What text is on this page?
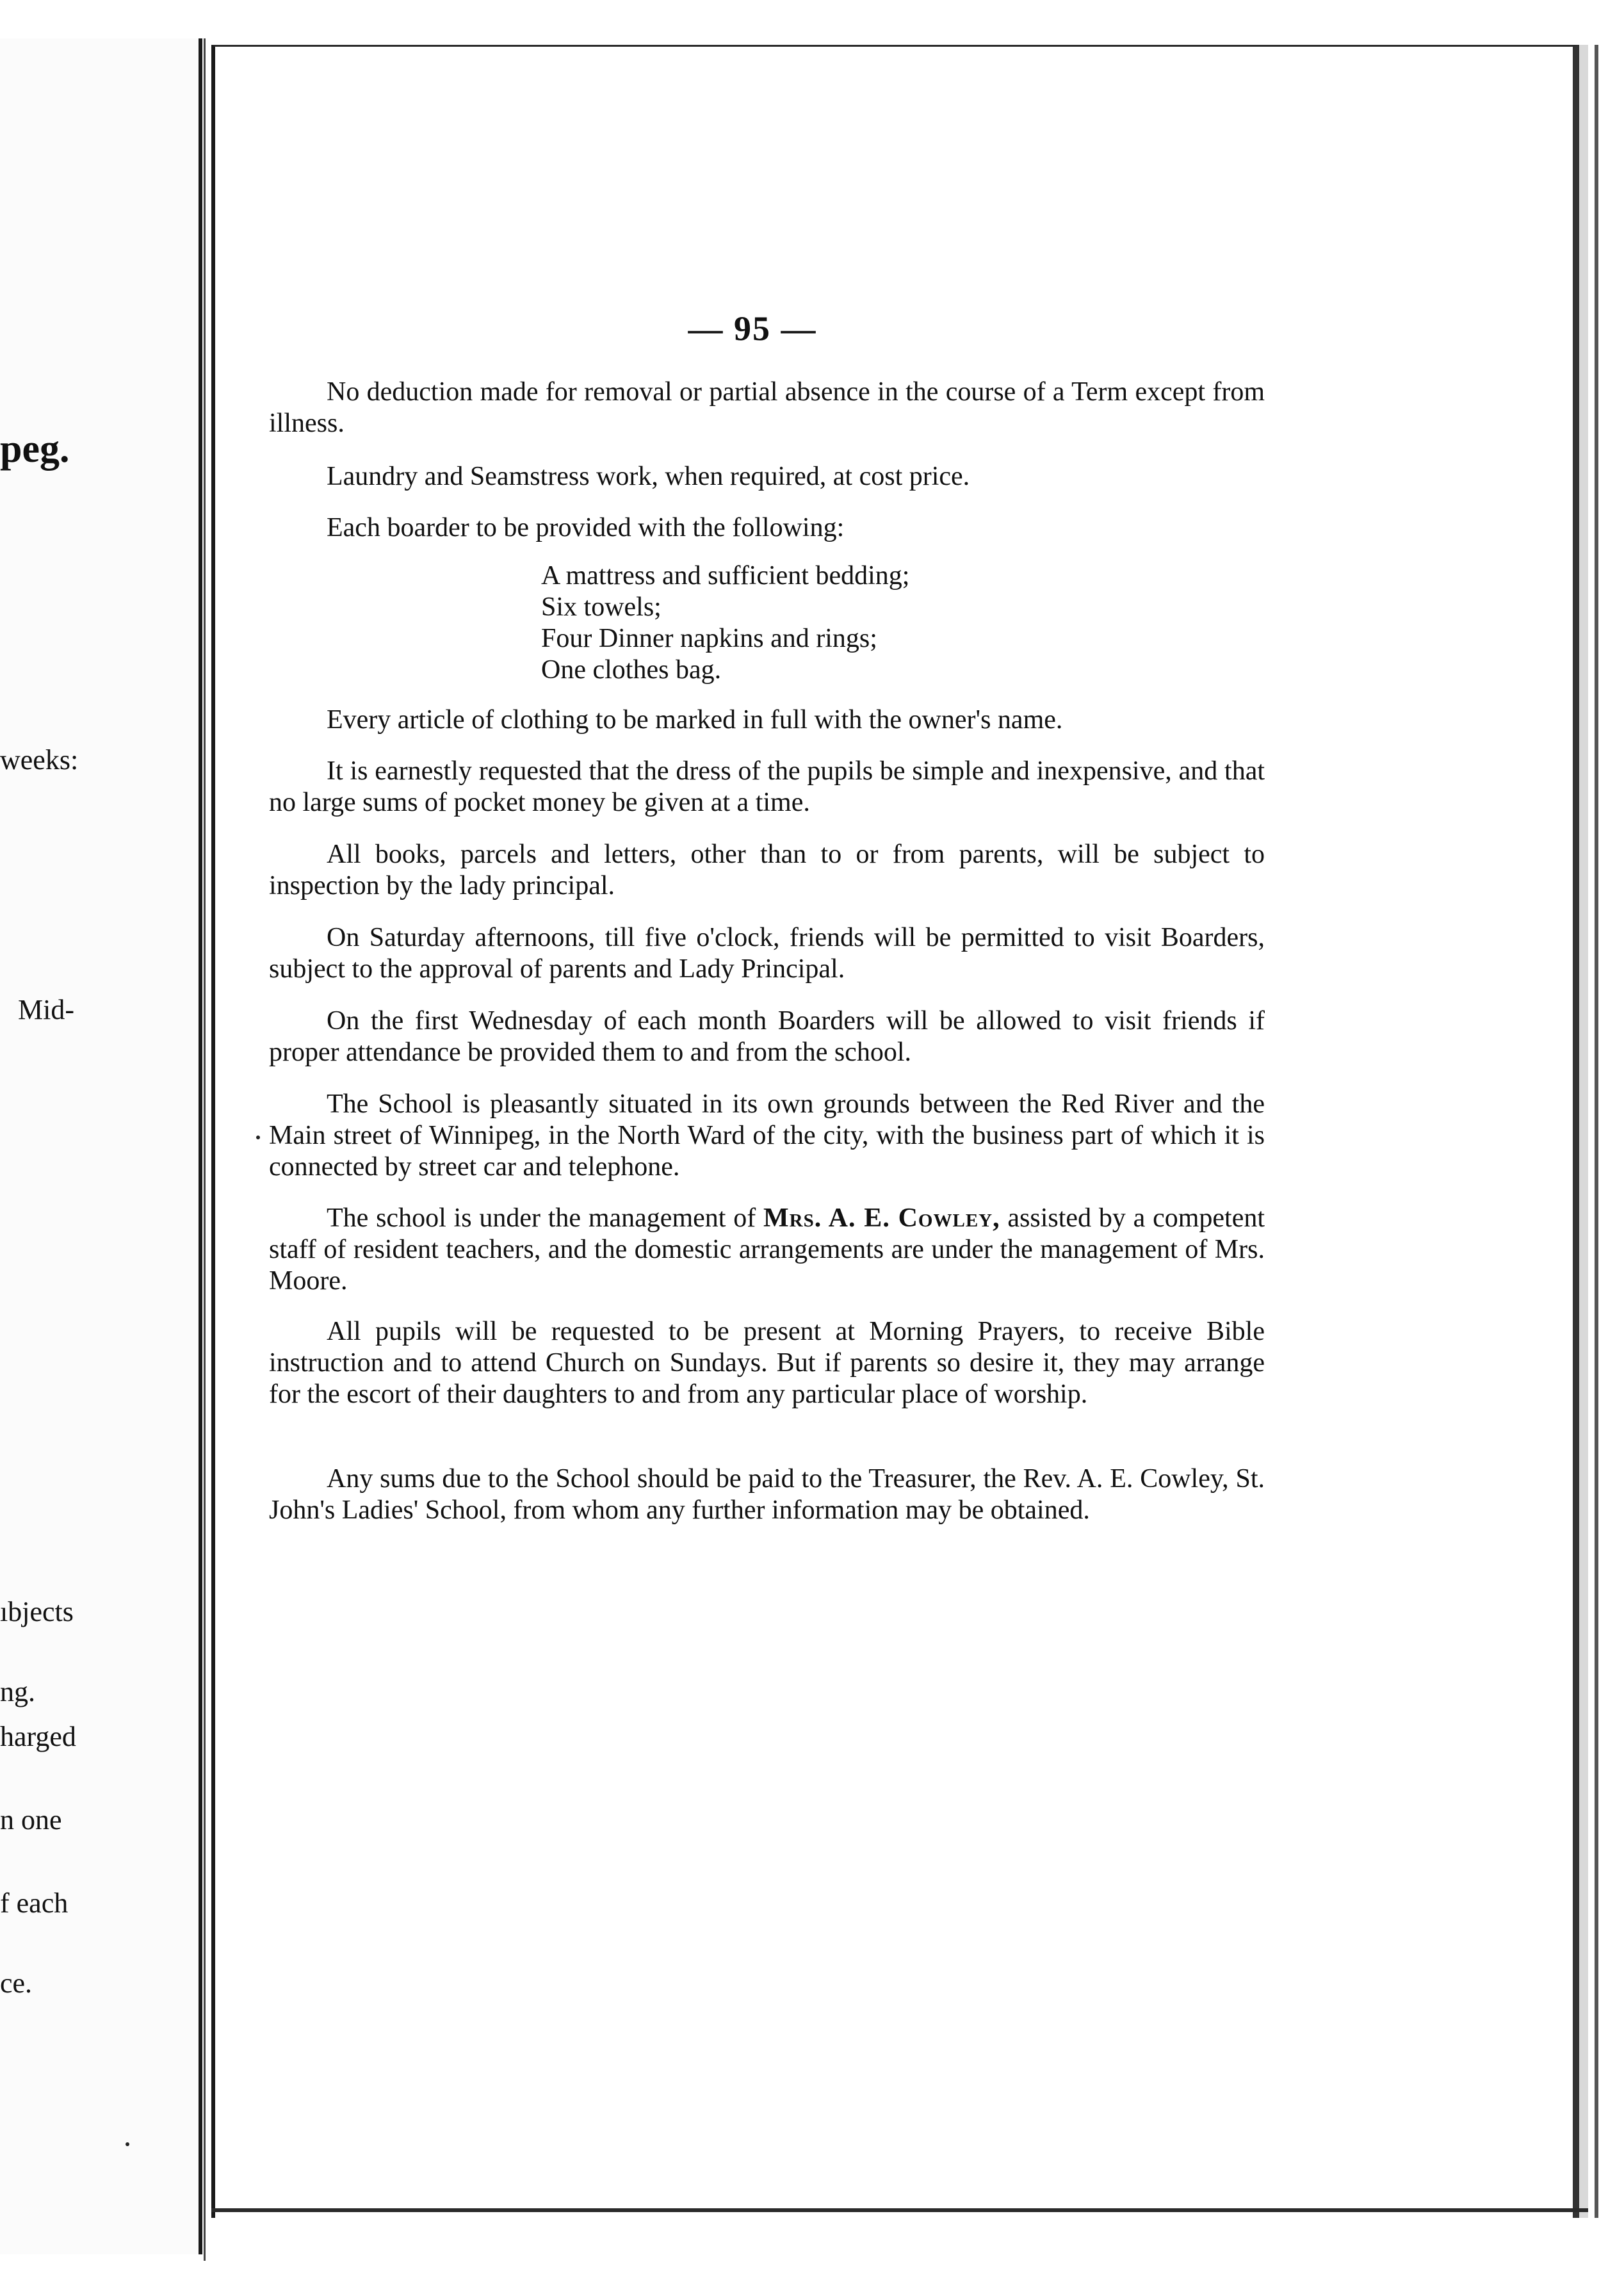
peg.
weeks:
Mid-
ıbjects
ng.
harged
n one
f each
ce.
— 95 —
No deduction made for removal or partial absence in the course of a Term except from illness.
Laundry and Seamstress work, when required, at cost price.
Each boarder to be provided with the following:
A mattress and sufficient bedding;
Six towels;
Four Dinner napkins and rings;
One clothes bag.
Every article of clothing to be marked in full with the owner's name.
It is earnestly requested that the dress of the pupils be simple and inexpensive, and that no large sums of pocket money be given at a time.
All books, parcels and letters, other than to or from parents, will be subject to inspection by the lady principal.
On Saturday afternoons, till five o'clock, friends will be permitted to visit Boarders, subject to the approval of parents and Lady Principal.
On the first Wednesday of each month Boarders will be allowed to visit friends if proper attendance be provided them to and from the school.
The School is pleasantly situated in its own grounds between the Red River and the Main street of Winnipeg, in the North Ward of the city, with the business part of which it is connected by street car and telephone.
The school is under the management of Mrs. A. E. Cowley, assisted by a competent staff of resident teachers, and the domestic arrangements are under the management of Mrs. Moore.
All pupils will be requested to be present at Morning Prayers, to receive Bible instruction and to attend Church on Sundays. But if parents so desire it, they may arrange for the escort of their daughters to and from any particular place of worship.
Any sums due to the School should be paid to the Treasurer, the Rev. A. E. Cowley, St. John's Ladies' School, from whom any further information may be obtained.
